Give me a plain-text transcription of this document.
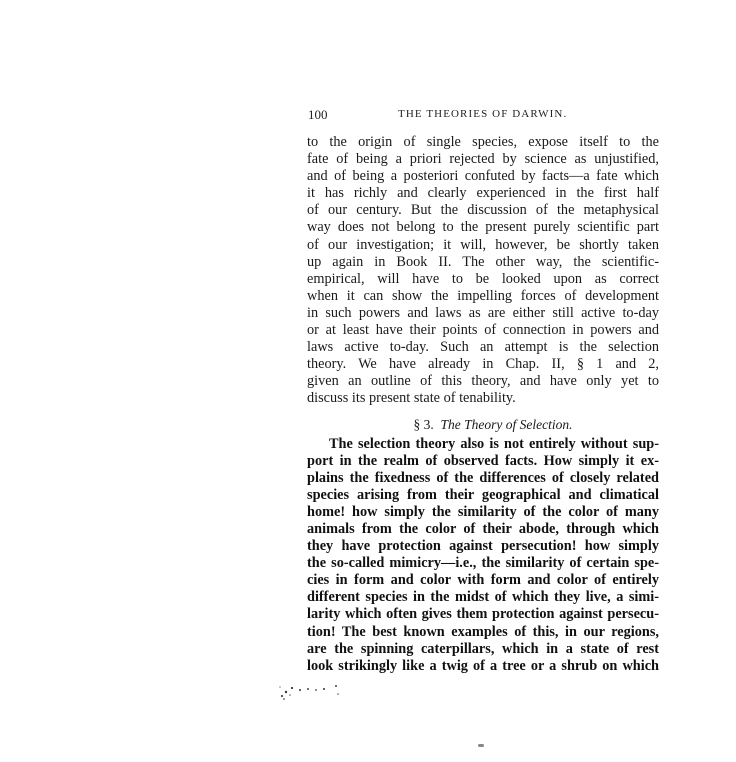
100	THE THEORIES OF DARWIN.
to the origin of single species, expose itself to the
fate of being a priori rejected by science as unjustified,
and of being a posteriori confuted by facts—a fate which
it has richly and clearly experienced in the first half
of our century. But the discussion of the metaphysical
way does not belong to the present purely scientific part
of our investigation; it will, however, be shortly taken
up again in Book II. The other way, the scientific-
empirical, will have to be looked upon as correct
when it can show the impelling forces of development
in such powers and laws as are either still active to-day
or at least have their points of connection in powers and
laws active to-day. Such an attempt is the selection
theory. We have already in Chap. II, § 1 and 2,
given an outline of this theory, and have only yet to
discuss its present state of tenability.
§ 3. The Theory of Selection.
The selection theory also is not entirely without sup-
port in the realm of observed facts. How simply it ex-
plains the fixedness of the differences of closely related
species arising from their geographical and climatical
home! how simply the similarity of the color of many
animals from the color of their abode, through which
they have protection against persecution! how simply
the so-called mimicry—i.e., the similarity of certain spe-
cies in form and color with form and color of entirely
different species in the midst of which they live, a simi-
larity which often gives them protection against persecu-
tion! The best known examples of this, in our regions,
are the spinning caterpillars, which in a state of rest
look strikingly like a twig of a tree or a shrub on which
